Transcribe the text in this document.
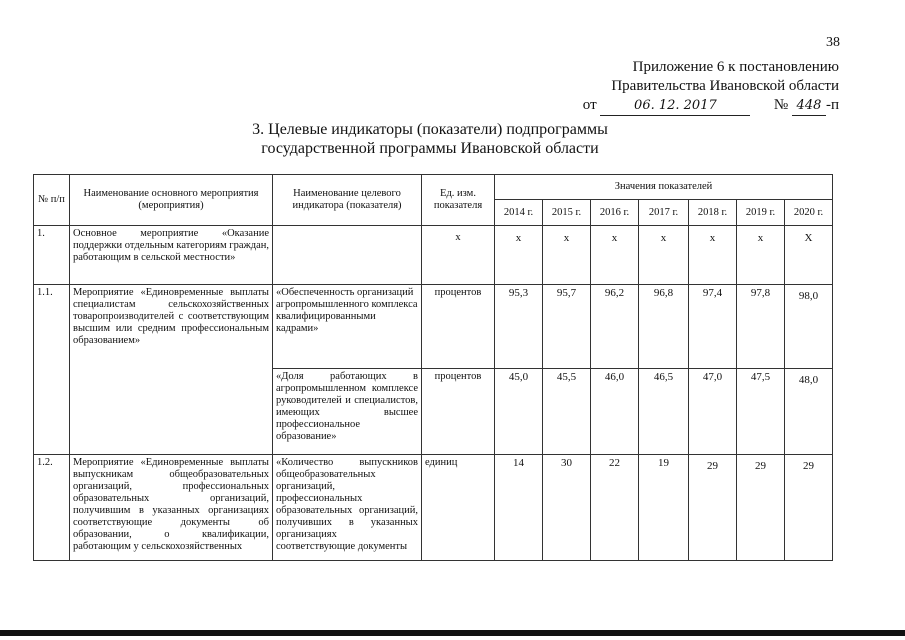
38
Приложение 6 к постановлению
Правительства Ивановской области
от	06. 12. 2017	№ 448 -п
3. Целевые индикаторы (показатели) подпрограммы
государственной программы Ивановской области
№ п/п	Наименование основного мероприятия (мероприятия)	Наименование целевого индикатора (показателя)	Ед. изм. показателя	Значения показателей						
				2014 г.	2015 г.	2016 г.	2017 г.	2018 г.	2019 г.	2020 г.
1.	Основное мероприятие «Оказание поддержки отдельным категориям граждан, работающим в сельской местности»		x	x	x	x	x	x	x	X
1.1.	Мероприятие «Единовременные выплаты специалистам сельскохозяйственных товаропроизводителей с соответствующим высшим или средним профессиональным образованием»	«Обеспеченность организаций агропромышленного комплекса квалифицированными кадрами»	процентов	95,3	95,7	96,2	96,8	97,4	97,8	98,0
		«Доля работающих в агропромышленном комплексе руководителей и специалистов, имеющих высшее профессиональное образование»	процентов	45,0	45,5	46,0	46,5	47,0	47,5	48,0
1.2.	Мероприятие «Единовременные выплаты выпускникам общеобразовательных организаций, профессиональных образовательных организаций, получившим в указанных организациях соответствующие документы об образовании, о квалификации, работающим у сельскохозяйственных	«Количество выпускников общеобразовательных организаций, профессиональных образовательных организаций, получивших в указанных организациях соответствующие документы	единиц	14	30	22	19	29	29	29
